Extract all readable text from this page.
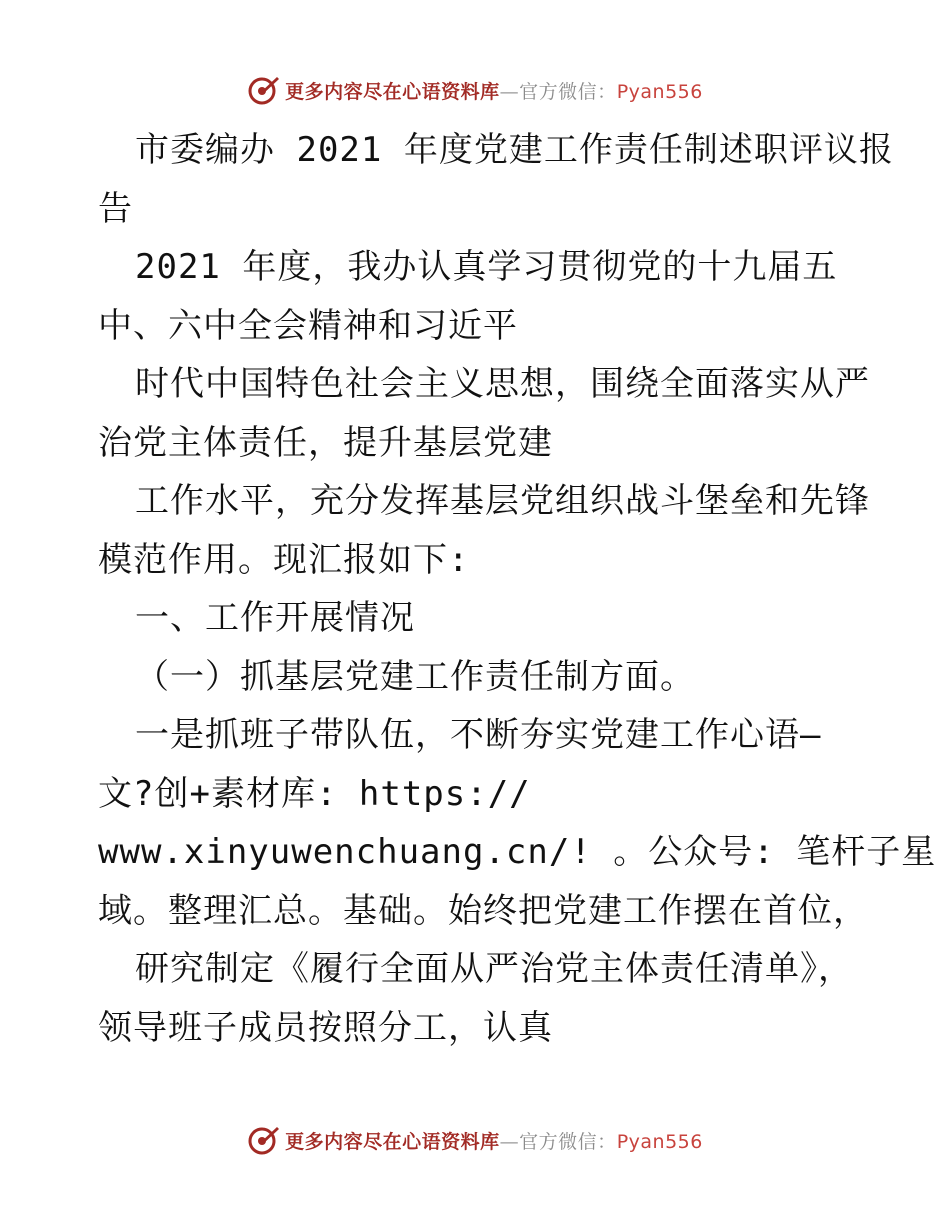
更多内容尽在心语资料库—官方微信：Pyan556
市委编办 2021 年度党建工作责任制述职评议报
告
2021 年度，我办认真学习贯彻党的十九届五
中、六中全会精神和习近平
时代中国特色社会主义思想，围绕全面落实从严
治党主体责任，提升基层党建
工作水平，充分发挥基层党组织战斗堡垒和先锋
模范作用。现汇报如下:
一、工作开展情况
（一）抓基层党建工作责任制方面。
一是抓班子带队伍，不断夯实党建工作心语—
文?创+素材库: https://
www.xinyuwenchuang.cn/! 。公众号: 笔杆子星
域。整理汇总。基础。始终把党建工作摆在首位，
研究制定《履行全面从严治党主体责任清单》，
领导班子成员按照分工，认真
更多内容尽在心语资料库—官方微信：Pyan556
